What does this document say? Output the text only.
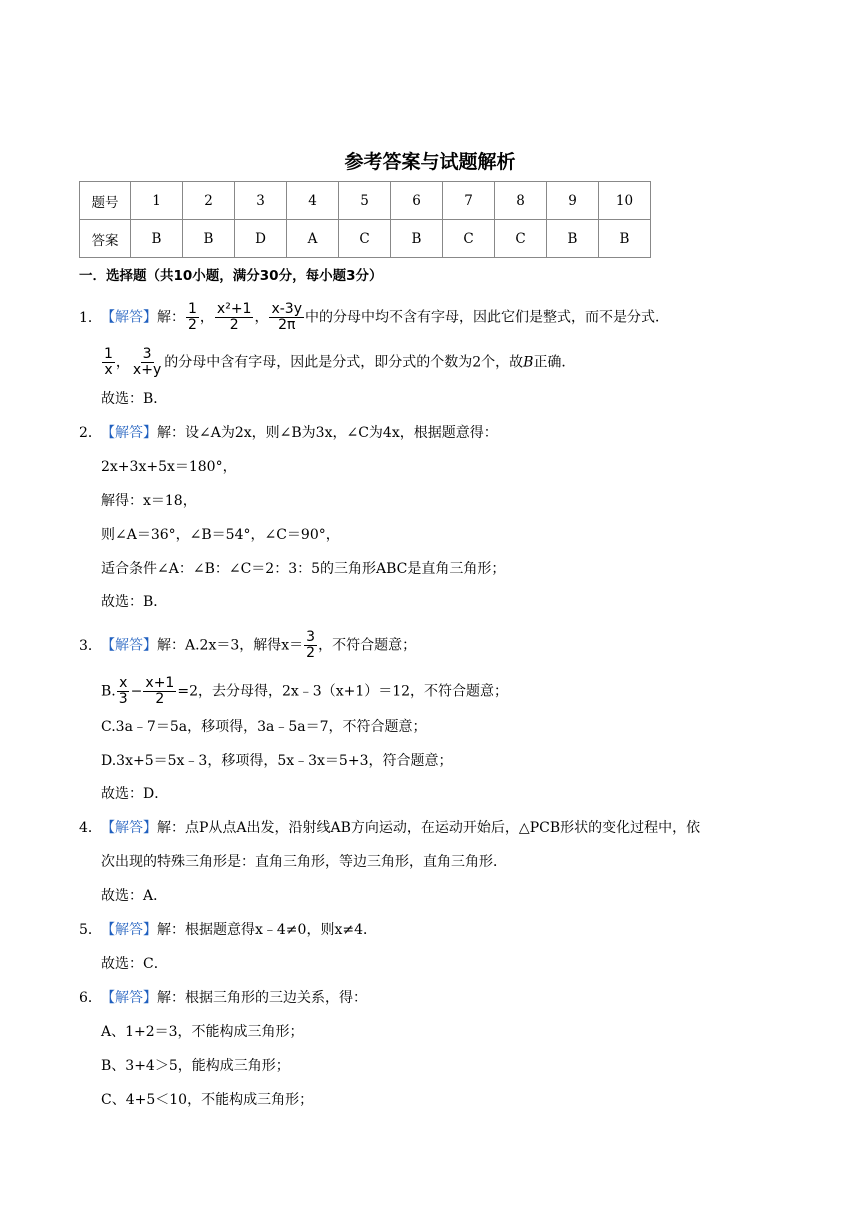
参考答案与试题解析
题号	1	2	3	4	5	6	7	8	9	10
答案	B	B	D	A	C	B	C	C	B	B
一．选择题（共10小题，满分30分，每小题3分）
1．【解答】解： $\frac{1}{2}$ ， $\frac{\text{x²+1}}{2}$ ， $\frac{x-3y}{2\pi}$ 中的分母中均不含有字母，因此它们是整式，而不是分式．
$\frac{1}{x}$ ， $\frac{3}{x+y}$ 的分母中含有字母，因此是分式，即分式的个数为2个，故B正确．
故选：B．
2．【解答】解：设∠A为2x，则∠B为3x，∠C为4x，根据题意得：
2x+3x+5x＝180°，
解得：x＝18，
则∠A＝36°，∠B＝54°，∠C＝90°，
适合条件∠A：∠B：∠C＝2：3：5的三角形ABC是直角三角形；
故选：B．
3．【解答】解：A.2x＝3，解得$x= \frac{3}{2}$ ，不符合题意；
B. $\frac{x}{3} - \frac{x+1}{2} =2$，去分母得，2x﹣3（x+1）＝12，不符合题意；
C.3a﹣7＝5a，移项得，3a﹣5a＝7，不符合题意；
D.3x+5＝5x﹣3，移项得，5x﹣3x＝5+3，符合题意；
故选：D．
4．【解答】解：点P从点A出发，沿射线AB方向运动，在运动开始后，△PCB形状的变化过程中，依
次出现的特殊三角形是：直角三角形，等边三角形，直角三角形．
故选：A．
5．【解答】解：根据题意得x﹣4≠0，则x≠4．
故选：C．
6．【解答】解：根据三角形的三边关系，得：
A、1+2＝3，不能构成三角形；
B、3+4＞5，能构成三角形；
C、4+5＜10，不能构成三角形；
